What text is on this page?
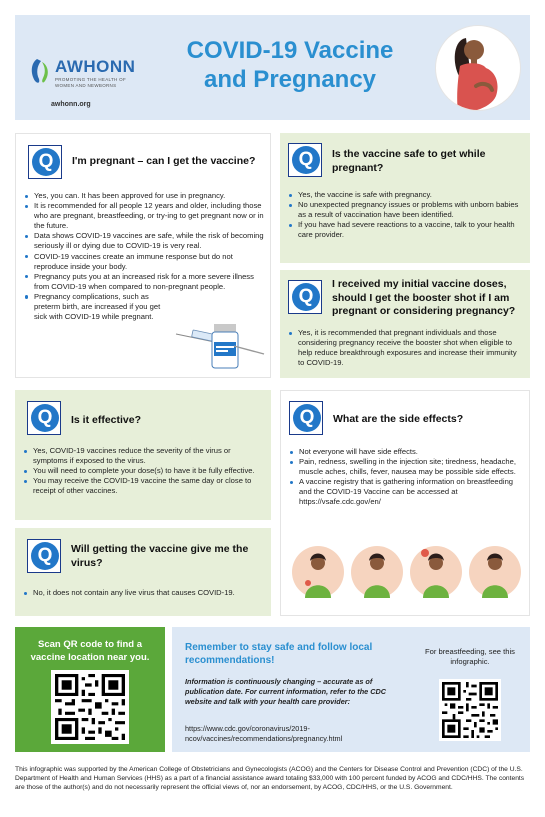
AWHONN
PROMOTING THE HEALTH OF WOMEN AND NEWBORNS
awhonn.org
COVID-19 Vaccine and Pregnancy
Q	I'm pregnant – can I get the vaccine?
Yes, you can. It has been approved for use in pregnancy.
It is recommended for all people 12 years and older, including those who are pregnant, breastfeeding, or try-ing to get pregnant now or in the future.
Data shows COVID-19 vaccines are safe, while the risk of becoming seriously ill or dying due to COVID-19 is very real.
COVID-19 vaccines create an immune response but do not reproduce inside your body.
Pregnancy puts you at an increased risk for a more severe illness from COVID-19 when compared to non-pregnant people.
Pregnancy complications, such as preterm birth, are increased if you get sick with COVID-19 while pregnant.
Q	Is the vaccine safe to get while pregnant?
Yes, the vaccine is safe with pregnancy.
No unexpected pregnancy issues or problems with unborn babies as a result of vaccination have been identified.
If you have had severe reactions to a vaccine, talk to your health care provider.
Q
I received my initial vaccine doses, should I get the booster shot if I am pregnant or considering pregnancy?
Yes, it is recommended that pregnant individuals and those considering pregnancy receive the booster shot when eligible to help reduce breakthrough exposures and increase their immunity to COVID-19.
Q	Is it effective?
Yes, COVID-19 vaccines reduce the severity of the virus or symptoms if exposed to the virus.
You will need to complete your dose(s) to have it be fully effective.
You may receive the COVID-19 vaccine the same day or close to receipt of other vaccines.
Q	What are the side effects?
Not everyone will have side effects.
Pain, redness, swelling in the injection site; tiredness, headache, muscle aches, chills, fever, nausea may be possible side effects.
A vaccine registry that is gathering information on breastfeeding and the COVID-19 Vaccine can be accessed at https://vsafe.cdc.gov/en/
Q	Will getting the vaccine give me the virus?
No, it does not contain any live virus that causes COVID-19.
Scan QR code to find a vaccine location near you.
Remember to stay safe and follow local recommendations!
Information is continuously changing – accurate as of publication date. For current information, refer to the CDC website and talk with your health care provider:
https://www.cdc.gov/coronavirus/2019-ncov/vaccines/recommendations/pregnancy.html
For breastfeeding, see this infographic.
This infographic was supported by the American College of Obstetricians and Gynecologists (ACOG) and the Centers for Disease Control and Prevention (CDC) of the U.S. Department of Health and Human Services (HHS) as a part of a financial assistance award totaling $33,000 with 100 percent funded by ACOG and CDC/HHS. The contents are those of the author(s) and do not necessarily represent the official views of, nor an endorsement, by ACOG, CDC/HHS, or the U.S. Government.
